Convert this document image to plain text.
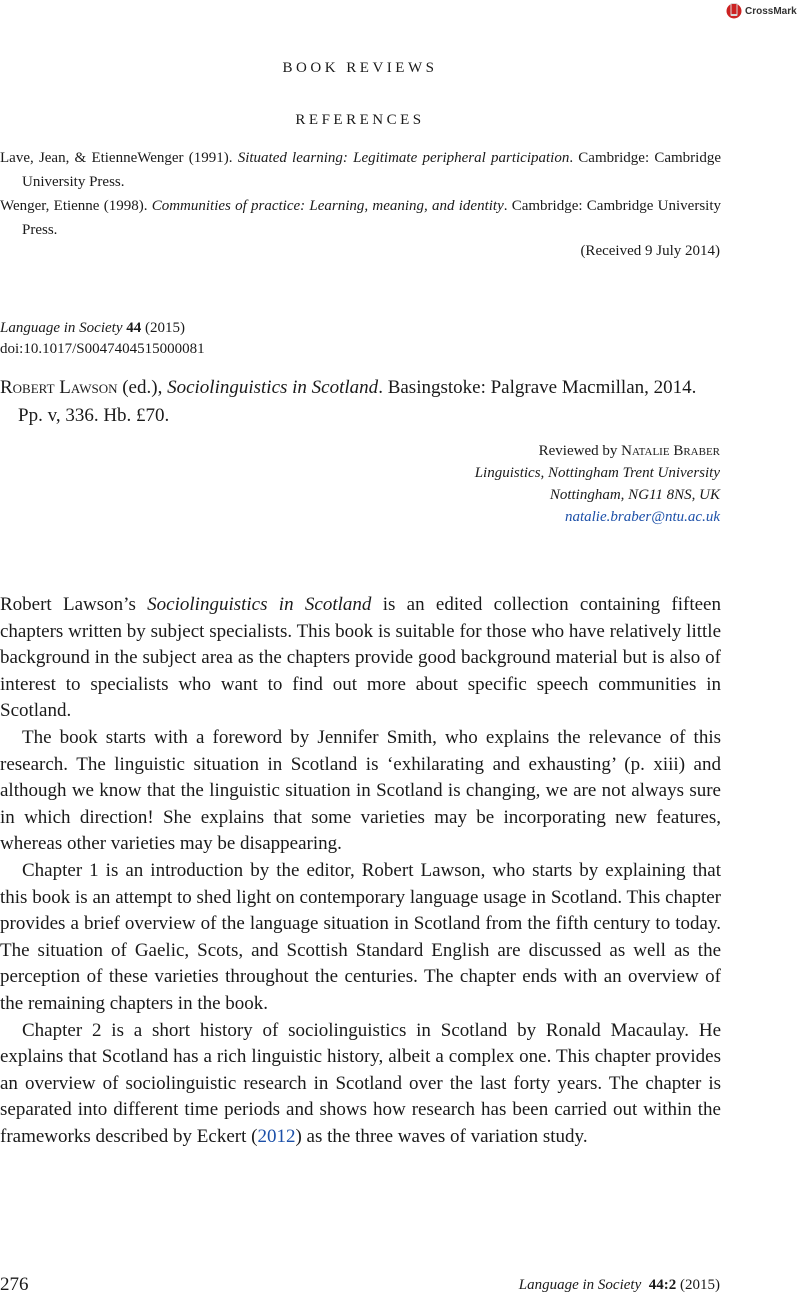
CrossMark
BOOK REVIEWS
REFERENCES
Lave, Jean, & EtienneWenger (1991). Situated learning: Legitimate peripheral participation. Cambridge: Cambridge University Press.
Wenger, Etienne (1998). Communities of practice: Learning, meaning, and identity. Cambridge: Cambridge University Press.
(Received 9 July 2014)
Language in Society 44 (2015)
doi:10.1017/S0047404515000081
Robert Lawson (ed.), Sociolinguistics in Scotland. Basingstoke: Palgrave Macmillan, 2014. Pp. v, 336. Hb. £70.
Reviewed by Natalie Braber
Linguistics, Nottingham Trent University
Nottingham, NG11 8NS, UK
natalie.braber@ntu.ac.uk

Robert Lawson’s Sociolinguistics in Scotland is an edited collection containing fifteen chapters written by subject specialists. This book is suitable for those who have relatively little background in the subject area as the chapters provide good background material but is also of interest to specialists who want to find out more about specific speech communities in Scotland.

The book starts with a foreword by Jennifer Smith, who explains the relevance of this research. The linguistic situation in Scotland is ‘exhilarating and exhausting’ (p. xiii) and although we know that the linguistic situation in Scotland is changing, we are not always sure in which direction! She explains that some varieties may be incorporating new features, whereas other varieties may be disappearing.

Chapter 1 is an introduction by the editor, Robert Lawson, who starts by explaining that this book is an attempt to shed light on contemporary language usage in Scotland. This chapter provides a brief overview of the language situation in Scotland from the fifth century to today. The situation of Gaelic, Scots, and Scottish Standard English are discussed as well as the perception of these varieties throughout the centuries. The chapter ends with an overview of the remaining chapters in the book.

Chapter 2 is a short history of sociolinguistics in Scotland by Ronald Macaulay. He explains that Scotland has a rich linguistic history, albeit a complex one. This chapter provides an overview of sociolinguistic research in Scotland over the last forty years. The chapter is separated into different time periods and shows how research has been carried out within the frameworks described by Eckert (2012) as the three waves of variation study.

276	Language in Society 44:2 (2015)
